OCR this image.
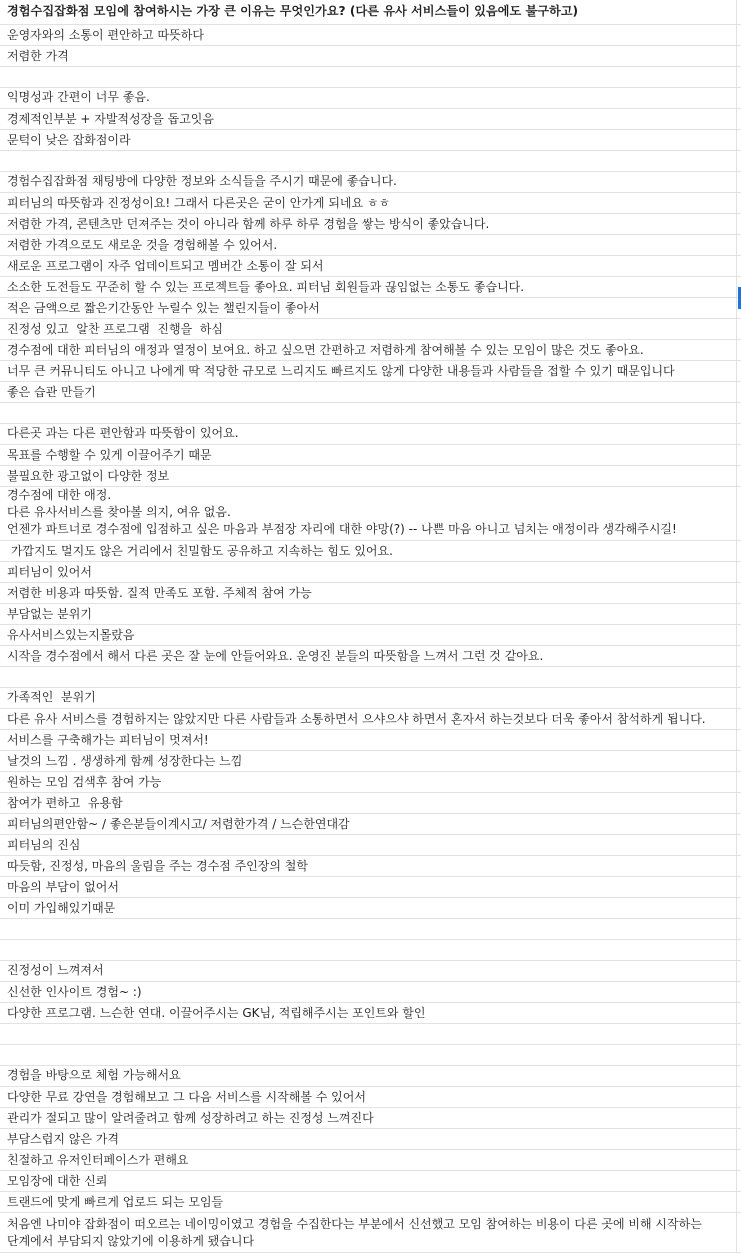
경험수집잡화점 모임에 참여하시는 가장 큰 이유는 무엇인가요? (다른 유사 서비스들이 있음에도 불구하고)
운영자와의 소통이 편안하고 따뜻하다
저렴한 가격
익명성과 간편이 너무 좋음.
경제적인부분 + 자발적성장을 돕고잇음
문턱이 낮은 잡화점이라
경험수집잡화점 채팅방에 다양한 정보와 소식들을 주시기 때문에 좋습니다.
피터님의 따뜻함과 진정성이요! 그래서 다른곳은 굳이 안가게 되네요 ㅎㅎ
저렴한 가격, 콘텐츠만 던져주는 것이 아니라 함께 하루 하루 경험을 쌓는 방식이 좋았습니다.
저렴한 가격으로도 새로운 것을 경험해볼 수 있어서.
새로운 프로그램이 자주 업데이트되고 멤버간 소통이 잘 되서
소소한 도전들도 꾸준히 할 수 있는 프로젝트들 좋아요. 피터님 회원들과 끊임없는 소통도 좋습니다.
적은 금액으로 짧은기간동안 누릴수 있는 챌린지들이 좋아서
진정성 있고  알찬 프로그램  진행을  하심
경수점에 대한 피터님의 애정과 열정이 보여요. 하고 싶으면 간편하고 저렴하게 참여해볼 수 있는 모임이 많은 것도 좋아요.
너무 큰 커뮤니티도 아니고 나에게 딱 적당한 규모로 느리지도 빠르지도 않게 다양한 내용들과 사람들을 접할 수 있기 때문입니다
좋은 습관 만들기
다른곳 과는 다른 편안함과 따뜻함이 있어요.
목표를 수행할 수 있게 이끌어주기 때문
불필요한 광고없이 다양한 정보
경수점에 대한 애정.
다른 유사서비스를 찾아볼 의지, 여유 없음.
언젠가 파트너로 경수점에 입점하고 싶은 마음과 부점장 자리에 대한 야망(?) -- 나쁜 마음 아니고 넘치는 애정이라 생각해주시길!
가깝지도 멀지도 않은 거리에서 친밀함도 공유하고 지속하는 힘도 있어요.
피터님이 있어서
저렴한 비용과 따뜻함. 질적 만족도 포함. 주체적 참여 가능
부담없는 분위기
유사서비스있는지몰랐음
시작을 경수점에서 해서 다른 곳은 잘 눈에 안들어와요. 운영진 분들의 따뜻함을 느껴서 그런 것 같아요.
가족적인  분위기
다른 유사 서비스를 경험하지는 않았지만 다른 사람들과 소통하면서 으샤으샤 하면서 혼자서 하는것보다 더욱 좋아서 참석하게 됩니다.
서비스를 구축해가는 피터님이 멋져서!
날것의 느낌 . 생생하게 함께 성장한다는 느낌
원하는 모임 검색후 참여 가능
참여가 편하고  유용함
피터님의편안함~ / 좋은분들이계시고/ 저렴한가격 / 느슨한연대감
피터님의 진심
따듯함, 진정성, 마음의 울림을 주는 경수점 주인장의 철학
마음의 부담이 없어서
이미 가입해있기때문
진정성이 느껴져서
신선한 인사이트 경험~ :)
다양한 프로그램. 느슨한 연대. 이끌어주시는 GK님, 적립해주시는 포인트와 할인
경험을 바탕으로 체험 가능해서요
다양한 무료 강연을 경험해보고 그 다음 서비스를 시작해볼 수 있어서
관리가 절되고 많이 알려줄려고 함께 성장하려고 하는 진정성 느껴진다
부담스럽지 않은 가격
친절하고 유저인터페이스가 편해요
모임장에 대한 신뢰
트랜드에 맞게 빠르게 업로드 되는 모임들
처음엔 나미야 잡화점이 떠오르는 네이밍이였고 경험을 수집한다는 부분에서 신선했고 모임 참여하는 비용이 다른 곳에 비해 시작하는
단계에서 부담되지 않았기에 이용하게 됐습니다
